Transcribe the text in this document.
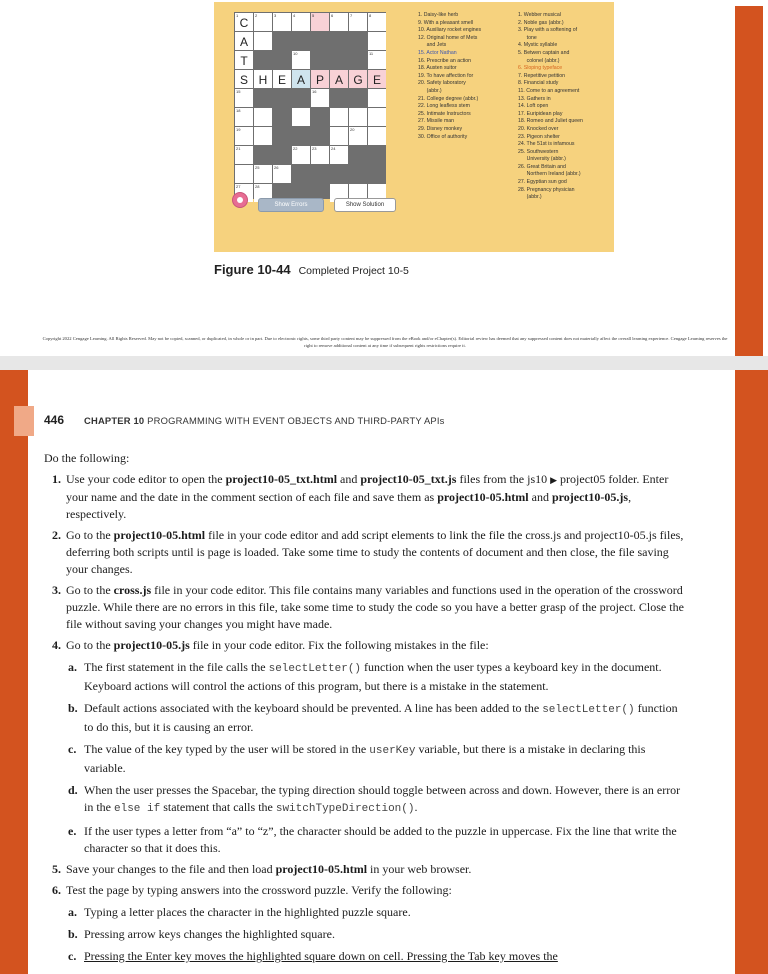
1
C
2	3	4	5	6	7	8
A
T
10	11
S H E A P A G E
15	16
18
19	20
21	22	23	24
25	26
27	28
Show Errors	Show Solution
1. Daisy-like herb
9. With a pleasant smell
10. Auxiliary rocket engines
12. Original home of Mets
and Jets
15. Actor Nathan
16. Prescribe an action
18. Austen suitor
19. To have affection for
20. Safety laboratory
(abbr.)
21. College degree (abbr.)
22. Long leafless stem
25. Intimate Instructors
27. Missile man
29. Disney monkey
30. Office of authority
1. Webber musical
2. Noble gas (abbr.)
3. Play with a softening of
tone
4. Mystic syllable
5. Betwen captain and
colonel (abbr.)
6. Sloping typeface
7. Repetitive petition
8. Financial study
11. Come to an agreement
13. Gathers in
14. Loft open
17. Euripidean play
18. Romeo and Juliet queen
20. Knocked over
23. Pigeon shelter
24. The 51st is infamous
25. Southwestern
University (abbr.)
26. Great Britain and
Northern Ireland (abbr.)
27. Egyptian sun god
28. Pregnancy physician
(abbr.)
Figure 10-44 Completed Project 10-5
Copyright 2022 Cengage Learning. All Rights Reserved. May not be copied, scanned, or duplicated, in whole or in part. Due to electronic rights, some third party content may be suppressed from the eBook and/or eChapter(s). Editorial review has deemed that any suppressed content does not materially affect the overall learning experience. Cengage Learning reserves the right to remove additional content at any time if subsequent rights restrictions require it.
446 CHAPTER 10 PROGRAMMING WITH EVENT OBJECTS AND THIRD-PARTY APIs

Do the following:

1. Use your code editor to open the project10-05_txt.html and project10-05_txt.js files from the js10 ▶ project05 folder. Enter your name and the date in the comment section of each file and save them as project10-05.html and project10-05.js, respectively.
2. Go to the project10-05.html file in your code editor and add script elements to link the file the cross.js and project10-05.js files, deferring both scripts until is page is loaded. Take some time to study the contents of document and then close, the file saving your changes.
3. Go to the cross.js file in your code editor. This file contains many variables and functions used in the operation of the crossword puzzle. While there are no errors in this file, take some time to study the code so you have a better grasp of the project. Close the file without saving your changes you might have made.
4. Go to the project10-05.js file in your code editor. Fix the following mistakes in the file:
a. The first statement in the file calls the selectLetter() function when the user types a keyboard key in the document. Keyboard actions will control the actions of this program, but there is a mistake in the statement.
b. Default actions associated with the keyboard should be prevented. A line has been added to the selectLetter() function to do this, but it is causing an error.
c. The value of the key typed by the user will be stored in the userKey variable, but there is a mistake in declaring this variable.
d. When the user presses the Spacebar, the typing direction should toggle between across and down. However, there is an error in the else if statement that calls the switchTypeDirection().
e. If the user types a letter from “a” to “z”, the character should be added to the puzzle in uppercase. Fix the line that write the character so that it does this.
5. Save your changes to the file and then load project10-05.html in your web browser.
6. Test the page by typing answers into the crossword puzzle. Verify the following:
a. Typing a letter places the character in the highlighted puzzle square.
b. Pressing arrow keys changes the highlighted square.
c. Pressing the Enter key moves the highlighted square down on cell. Pressing the Tab key moves the
